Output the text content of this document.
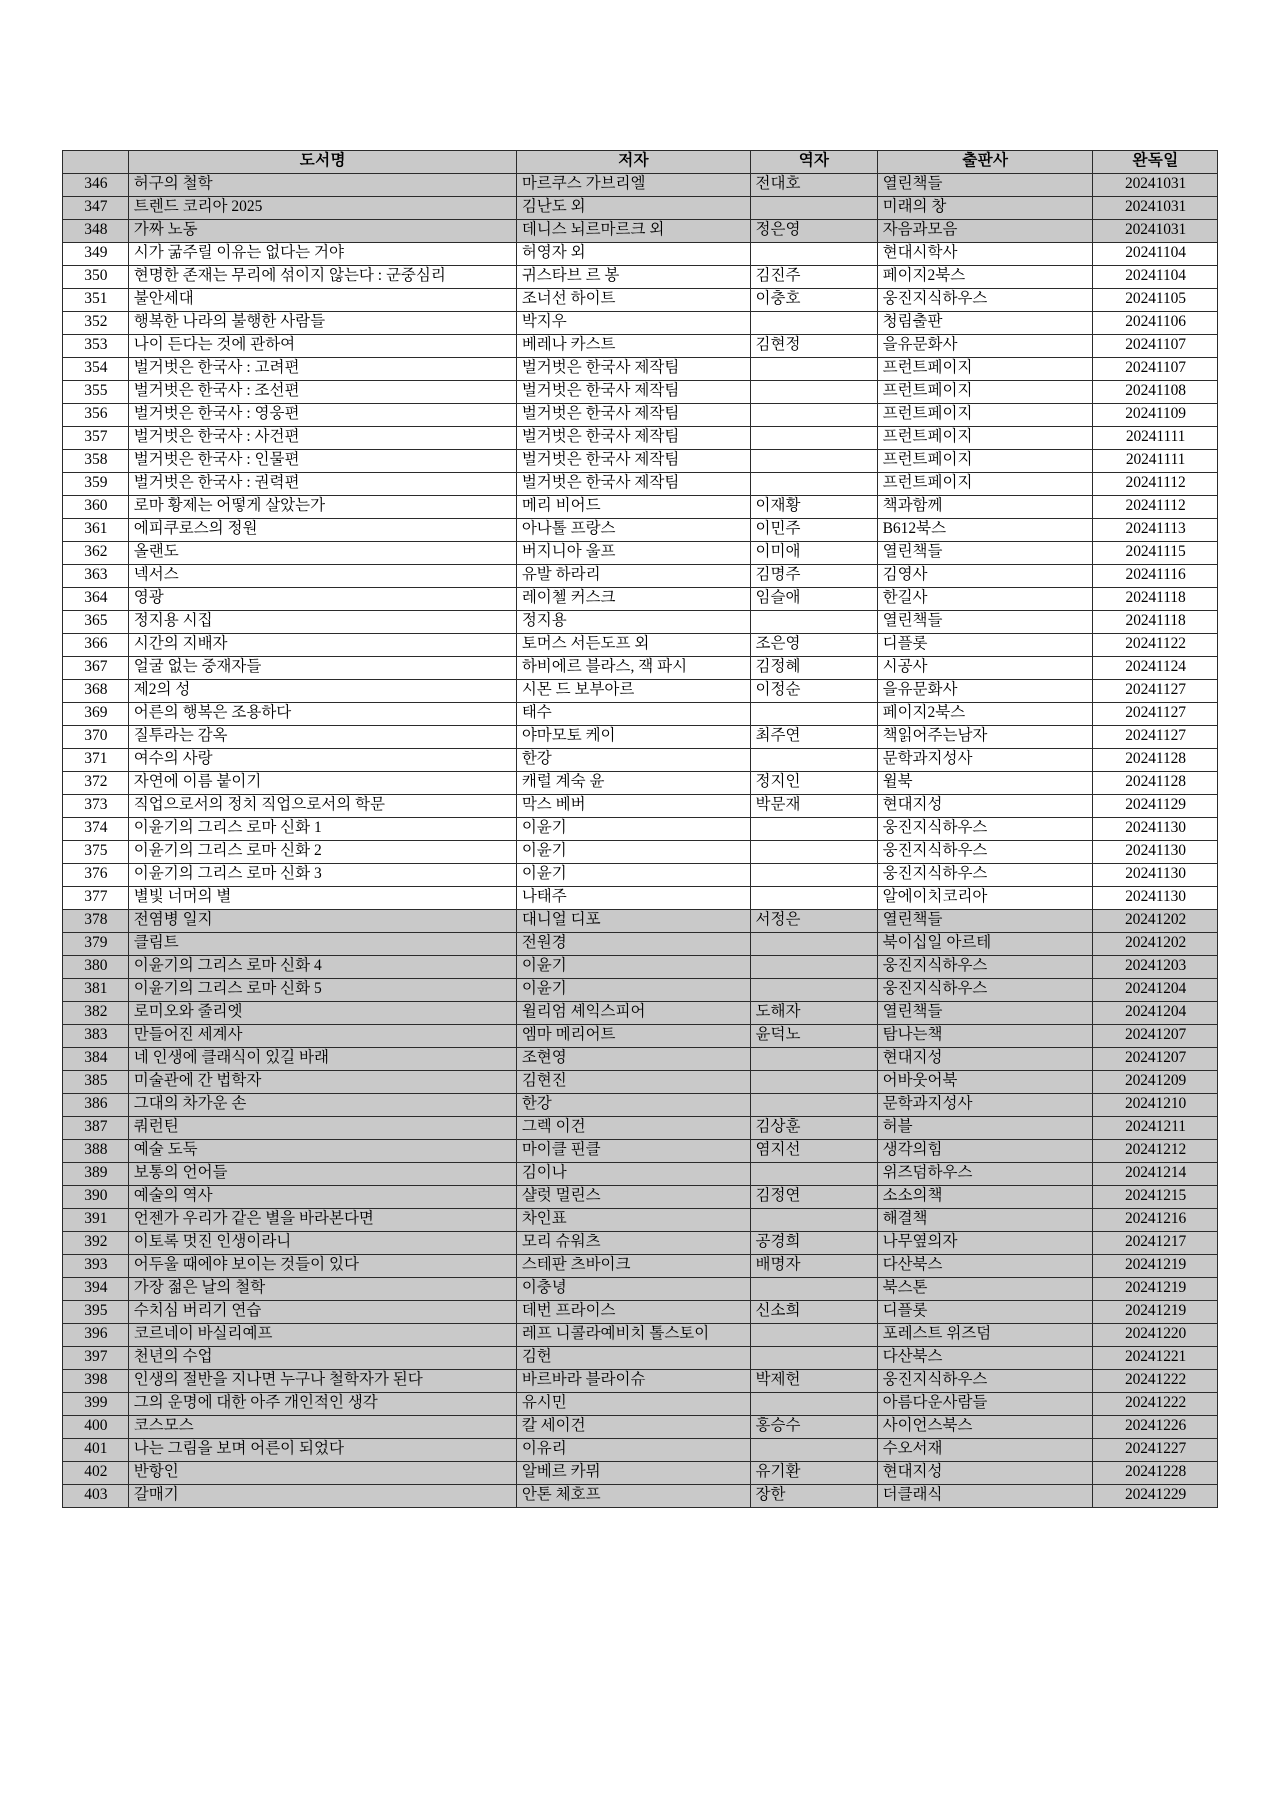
	도서명	저자	역자	출판사	완독일
346	허구의 철학	마르쿠스 가브리엘	전대호	열린책들	20241031
347	트렌드 코리아 2025	김난도 외		미래의 창	20241031
348	가짜 노동	데니스 뇌르마르크 외	정은영	자음과모음	20241031
349	시가 굶주릴 이유는 없다는 거야	허영자 외		현대시학사	20241104
350	현명한 존재는 무리에 섞이지 않는다 : 군중심리	귀스타브 르 봉	김진주	페이지2북스	20241104
351	불안세대	조너선 하이트	이충호	웅진지식하우스	20241105
352	행복한 나라의 불행한 사람들	박지우		청림출판	20241106
353	나이 든다는 것에 관하여	베레나 카스트	김현정	을유문화사	20241107
354	벌거벗은 한국사 : 고려편	벌거벗은 한국사 제작팀		프런트페이지	20241107
355	벌거벗은 한국사 : 조선편	벌거벗은 한국사 제작팀		프런트페이지	20241108
356	벌거벗은 한국사 : 영웅편	벌거벗은 한국사 제작팀		프런트페이지	20241109
357	벌거벗은 한국사 : 사건편	벌거벗은 한국사 제작팀		프런트페이지	20241111
358	벌거벗은 한국사 : 인물편	벌거벗은 한국사 제작팀		프런트페이지	20241111
359	벌거벗은 한국사 : 권력편	벌거벗은 한국사 제작팀		프런트페이지	20241112
360	로마 황제는 어떻게 살았는가	메리 비어드	이재황	책과함께	20241112
361	에피쿠로스의 정원	아나톨 프랑스	이민주	B612북스	20241113
362	올랜도	버지니아 울프	이미애	열린책들	20241115
363	넥서스	유발 하라리	김명주	김영사	20241116
364	영광	레이첼 커스크	임슬애	한길사	20241118
365	정지용 시집	정지용		열린책들	20241118
366	시간의 지배자	토머스 서든도프 외	조은영	디플롯	20241122
367	얼굴 없는 중재자들	하비에르 블라스, 잭 파시	김정혜	시공사	20241124
368	제2의 성	시몬 드 보부아르	이정순	을유문화사	20241127
369	어른의 행복은 조용하다	태수		페이지2북스	20241127
370	질투라는 감옥	야마모토 케이	최주연	책읽어주는남자	20241127
371	여수의 사랑	한강		문학과지성사	20241128
372	자연에 이름 붙이기	캐럴 계숙 윤	정지인	윌북	20241128
373	직업으로서의 정치 직업으로서의 학문	막스 베버	박문재	현대지성	20241129
374	이윤기의 그리스 로마 신화 1	이윤기		웅진지식하우스	20241130
375	이윤기의 그리스 로마 신화 2	이윤기		웅진지식하우스	20241130
376	이윤기의 그리스 로마 신화 3	이윤기		웅진지식하우스	20241130
377	별빛 너머의 별	나태주		알에이치코리아	20241130
378	전염병 일지	대니얼 디포	서정은	열린책들	20241202
379	클림트	전원경		북이십일 아르테	20241202
380	이윤기의 그리스 로마 신화 4	이윤기		웅진지식하우스	20241203
381	이윤기의 그리스 로마 신화 5	이윤기		웅진지식하우스	20241204
382	로미오와 줄리엣	윌리엄 셰익스피어	도해자	열린책들	20241204
383	만들어진 세계사	엠마 메리어트	윤덕노	탐나는책	20241207
384	네 인생에 클래식이 있길 바래	조현영		현대지성	20241207
385	미술관에 간 법학자	김현진		어바웃어북	20241209
386	그대의 차가운 손	한강		문학과지성사	20241210
387	쿼런틴	그렉 이건	김상훈	허블	20241211
388	예술 도둑	마이클 핀클	염지선	생각의힘	20241212
389	보통의 언어들	김이나		위즈덤하우스	20241214
390	예술의 역사	샬럿 멀린스	김정연	소소의책	20241215
391	언젠가 우리가 같은 별을 바라본다면	차인표		해결책	20241216
392	이토록 멋진 인생이라니	모리 슈워츠	공경희	나무옆의자	20241217
393	어두울 때에야 보이는 것들이 있다	스테판 츠바이크	배명자	다산북스	20241219
394	가장 젊은 날의 철학	이충녕		북스톤	20241219
395	수치심 버리기 연습	데번 프라이스	신소희	디플롯	20241219
396	코르네이 바실리예프	레프 니콜라예비치 톨스토이		포레스트 위즈덤	20241220
397	천년의 수업	김헌		다산북스	20241221
398	인생의 절반을 지나면 누구나 철학자가 된다	바르바라 블라이슈	박제헌	웅진지식하우스	20241222
399	그의 운명에 대한 아주 개인적인 생각	유시민		아름다운사람들	20241222
400	코스모스	칼 세이건	홍승수	사이언스북스	20241226
401	나는 그림을 보며 어른이 되었다	이유리		수오서재	20241227
402	반항인	알베르 카뮈	유기환	현대지성	20241228
403	갈매기	안톤 체호프	장한	더클래식	20241229
